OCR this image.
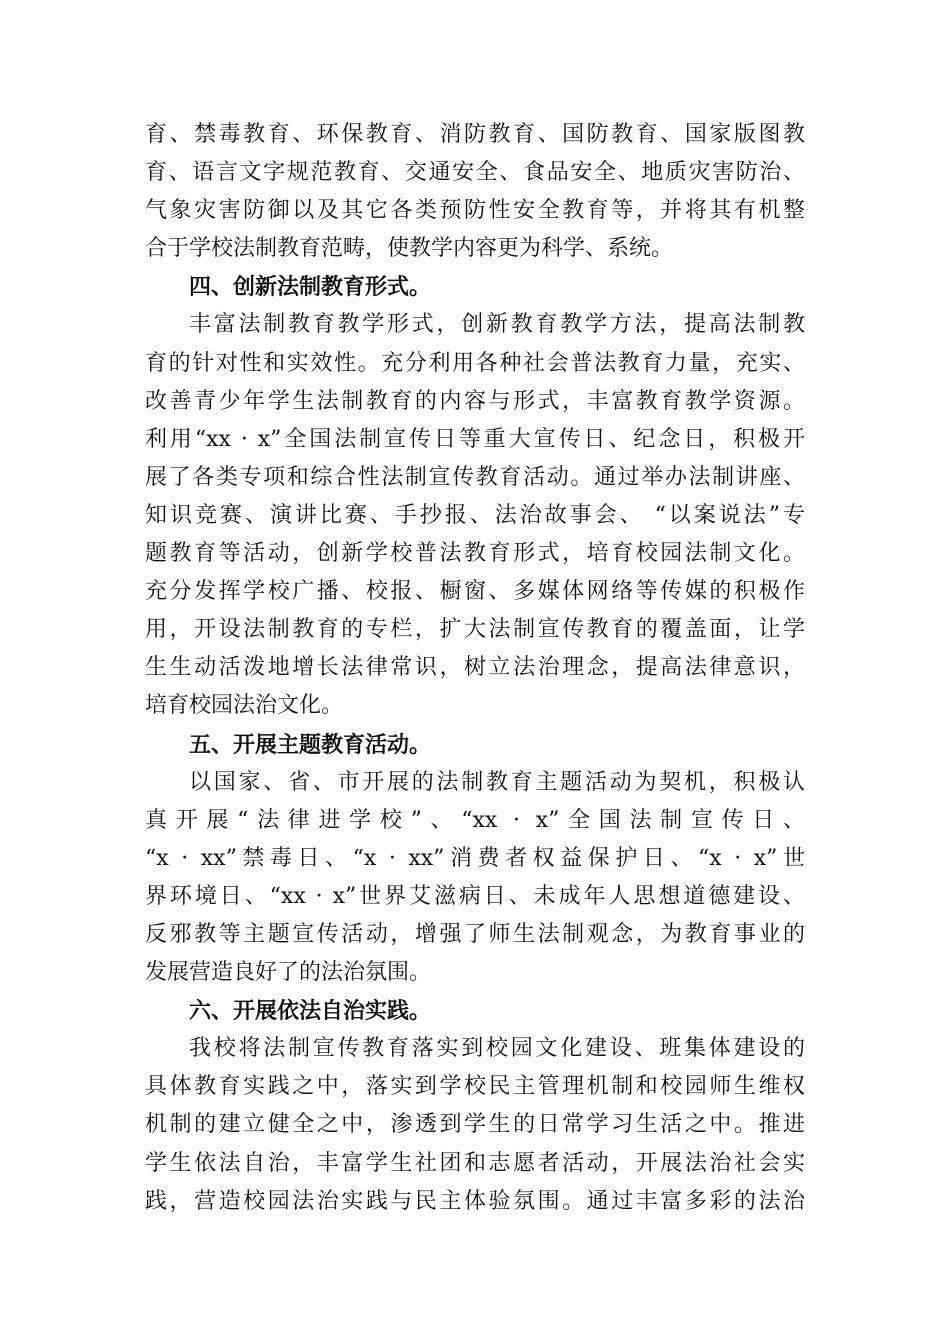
育、禁毒教育、环保教育、消防教育、国防教育、国家版图教
育、语言文字规范教育、交通安全、食品安全、地质灾害防治、
气象灾害防御以及其它各类预防性安全教育等，并将其有机整
合于学校法制教育范畴，使教学内容更为科学、系统。
四、创新法制教育形式。
丰富法制教育教学形式，创新教育教学方法，提高法制教
育的针对性和实效性。充分利用各种社会普法教育力量，充实、
改善青少年学生法制教育的内容与形式，丰富教育教学资源。
利用“xx · x”全国法制宣传日等重大宣传日、纪念日，积极开
展了各类专项和综合性法制宣传教育活动。通过举办法制讲座、
知识竞赛、演讲比赛、手抄报、法治故事会、 “以案说法”专
题教育等活动，创新学校普法教育形式，培育校园法制文化。
充分发挥学校广播、校报、橱窗、多媒体网络等传媒的积极作
用，开设法制教育的专栏，扩大法制宣传教育的覆盖面，让学
生生动活泼地增长法律常识，树立法治理念，提高法律意识，
培育校园法治文化。
五、开展主题教育活动。
以国家、省、市开展的法制教育主题活动为契机，积极认
真开展“法律进学校”、“xx · x”全国法制宣传日、
“x · xx”禁毒日、“x · xx”消费者权益保护日、“x · x”世
界环境日、“xx · x”世界艾滋病日、未成年人思想道德建设、
反邪教等主题宣传活动，增强了师生法制观念，为教育事业的
发展营造良好了的法治氛围。
六、开展依法自治实践。
我校将法制宣传教育落实到校园文化建设、班集体建设的
具体教育实践之中，落实到学校民主管理机制和校园师生维权
机制的建立健全之中，渗透到学生的日常学习生活之中。推进
学生依法自治，丰富学生社团和志愿者活动，开展法治社会实
践，营造校园法治实践与民主体验氛围。通过丰富多彩的法治
